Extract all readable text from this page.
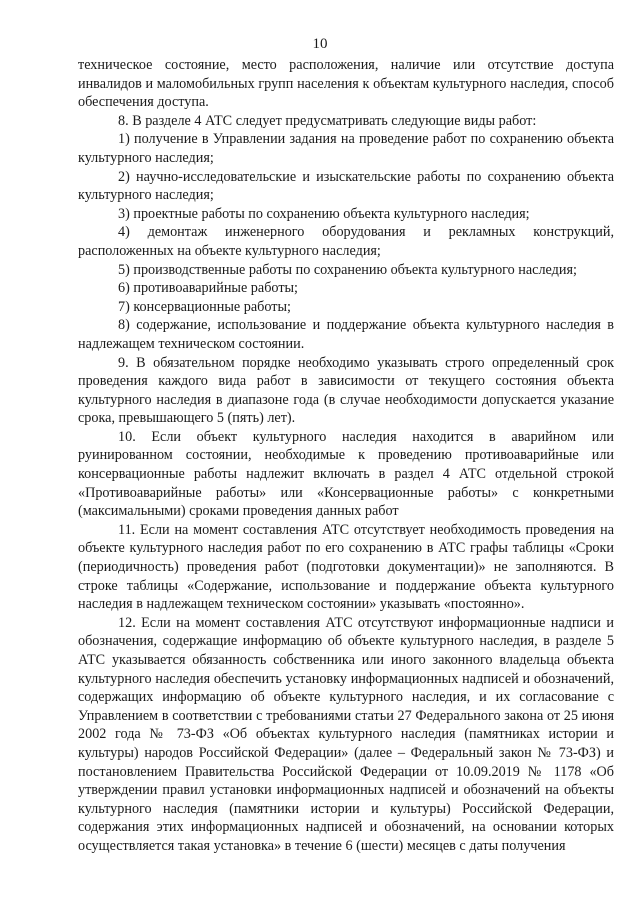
10

техническое состояние, место расположения, наличие или отсутствие доступа инвалидов и маломобильных групп населения к объектам культурного наследия, способ обеспечения доступа.

8. В разделе 4 АТС следует предусматривать следующие виды работ:

1) получение в Управлении задания на проведение работ по сохранению объекта культурного наследия;

2) научно-исследовательские и изыскательские работы по сохранению объекта культурного наследия;

3) проектные работы по сохранению объекта культурного наследия;

4) демонтаж инженерного оборудования и рекламных конструкций, расположенных на объекте культурного наследия;

5) производственные работы по сохранению объекта культурного наследия;

6) противоаварийные работы;

7) консервационные работы;

8) содержание, использование и поддержание объекта культурного наследия в надлежащем техническом состоянии.

9. В обязательном порядке необходимо указывать строго определенный срок проведения каждого вида работ в зависимости от текущего состояния объекта культурного наследия в диапазоне года (в случае необходимости допускается указание срока, превышающего 5 (пять) лет).

10. Если объект культурного наследия находится в аварийном или руинированном состоянии, необходимые к проведению противоаварийные или консервационные работы надлежит включать в раздел 4 АТС отдельной строкой «Противоаварийные работы» или «Консервационные работы» с конкретными (максимальными) сроками проведения данных работ

11. Если на момент составления АТС отсутствует необходимость проведения на объекте культурного наследия работ по его сохранению в АТС графы таблицы «Сроки (периодичность) проведения работ (подготовки документации)» не заполняются. В строке таблицы «Содержание, использование и поддержание объекта культурного наследия в надлежащем техническом состоянии» указывать «постоянно».

12. Если на момент составления АТС отсутствуют информационные надписи и обозначения, содержащие информацию об объекте культурного наследия, в разделе 5 АТС указывается обязанность собственника или иного законного владельца объекта культурного наследия обеспечить установку информационных надписей и обозначений, содержащих информацию об объекте культурного наследия, и их согласование с Управлением в соответствии с требованиями статьи 27 Федерального закона от 25 июня 2002 года № 73-ФЗ «Об объектах культурного наследия (памятниках истории и культуры) народов Российской Федерации» (далее – Федеральный закон № 73-ФЗ) и постановлением Правительства Российской Федерации от 10.09.2019 № 1178 «Об утверждении правил установки информационных надписей и обозначений на объекты культурного наследия (памятники истории и культуры) Российской Федерации, содержания этих информационных надписей и обозначений, на основании которых осуществляется такая установка» в течение 6 (шести) месяцев с даты получения
